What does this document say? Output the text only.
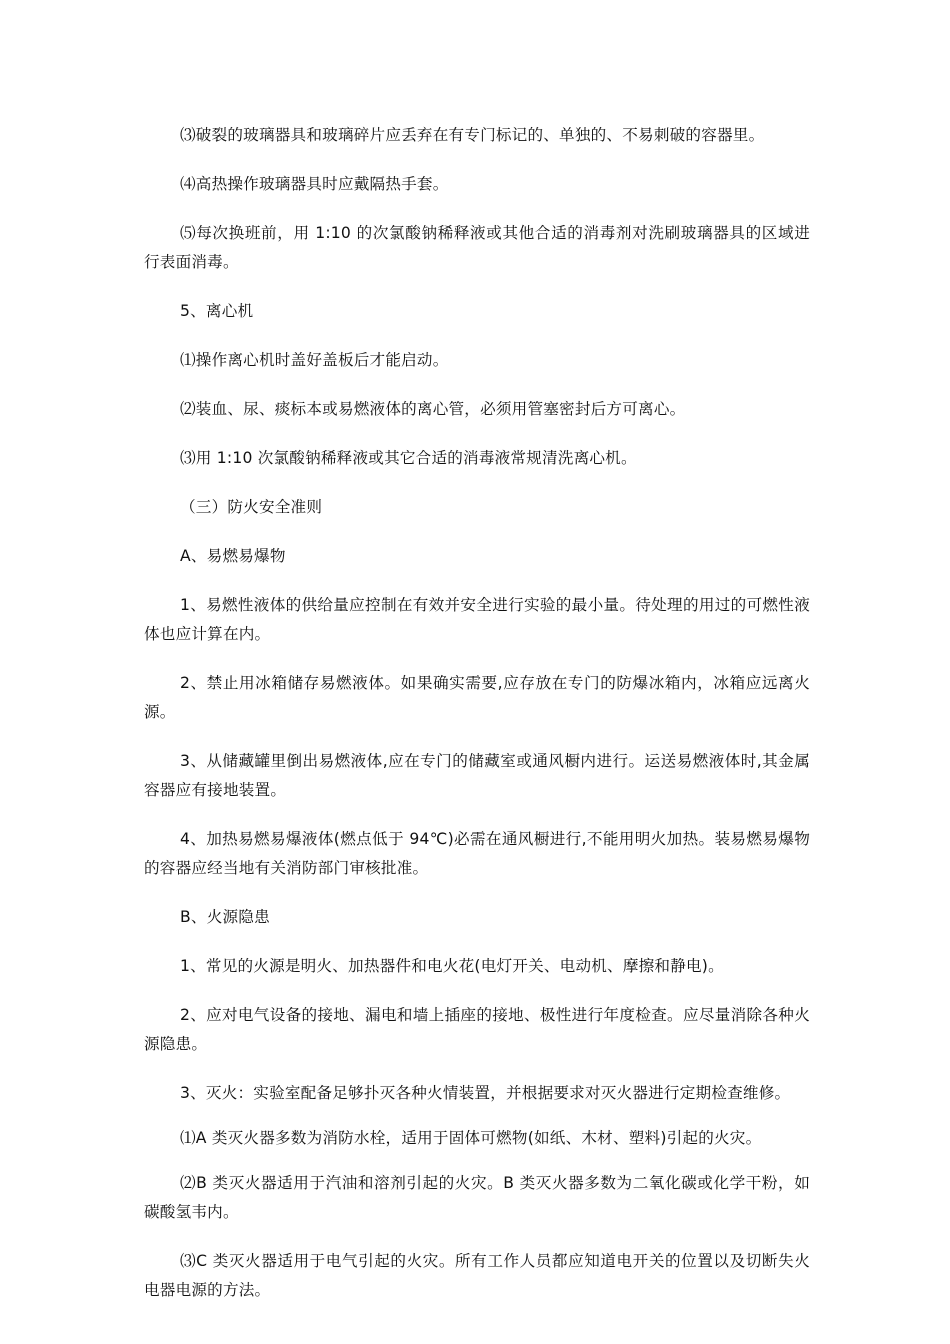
⑶破裂的玻璃器具和玻璃碎片应丢弃在有专门标记的、单独的、不易刺破的容器里。

⑷高热操作玻璃器具时应戴隔热手套。

⑸每次换班前，用 1:10 的次氯酸钠稀释液或其他合适的消毒剂对洗刷玻璃器具的区域进行表面消毒。

5、离心机

⑴操作离心机时盖好盖板后才能启动。

⑵装血、尿、痰标本或易燃液体的离心管，必须用管塞密封后方可离心。

⑶用 1:10 次氯酸钠稀释液或其它合适的消毒液常规清洗离心机。

（三）防火安全准则

A、易燃易爆物

1、易燃性液体的供给量应控制在有效并安全进行实验的最小量。待处理的用过的可燃性液体也应计算在内。

2、禁止用冰箱储存易燃液体。如果确实需要,应存放在专门的防爆冰箱内，冰箱应远离火源。

3、从储藏罐里倒出易燃液体,应在专门的储藏室或通风橱内进行。运送易燃液体时,其金属容器应有接地装置。

4、加热易燃易爆液体(燃点低于 94℃)必需在通风橱进行,不能用明火加热。装易燃易爆物的容器应经当地有关消防部门审核批准。

B、火源隐患

1、常见的火源是明火、加热器件和电火花(电灯开关、电动机、摩擦和静电)。

2、应对电气设备的接地、漏电和墙上插座的接地、极性进行年度检查。应尽量消除各种火源隐患。

3、灭火：实验室配备足够扑灭各种火情装置，并根据要求对灭火器进行定期检查维修。

⑴A 类灭火器多数为消防水栓，适用于固体可燃物(如纸、木材、塑料)引起的火灾。

⑵B 类灭火器适用于汽油和溶剂引起的火灾。B 类灭火器多数为二氧化碳或化学干粉，如碳酸氢韦内。

⑶C 类灭火器适用于电气引起的火灾。所有工作人员都应知道电开关的位置以及切断失火电器电源的方法。
